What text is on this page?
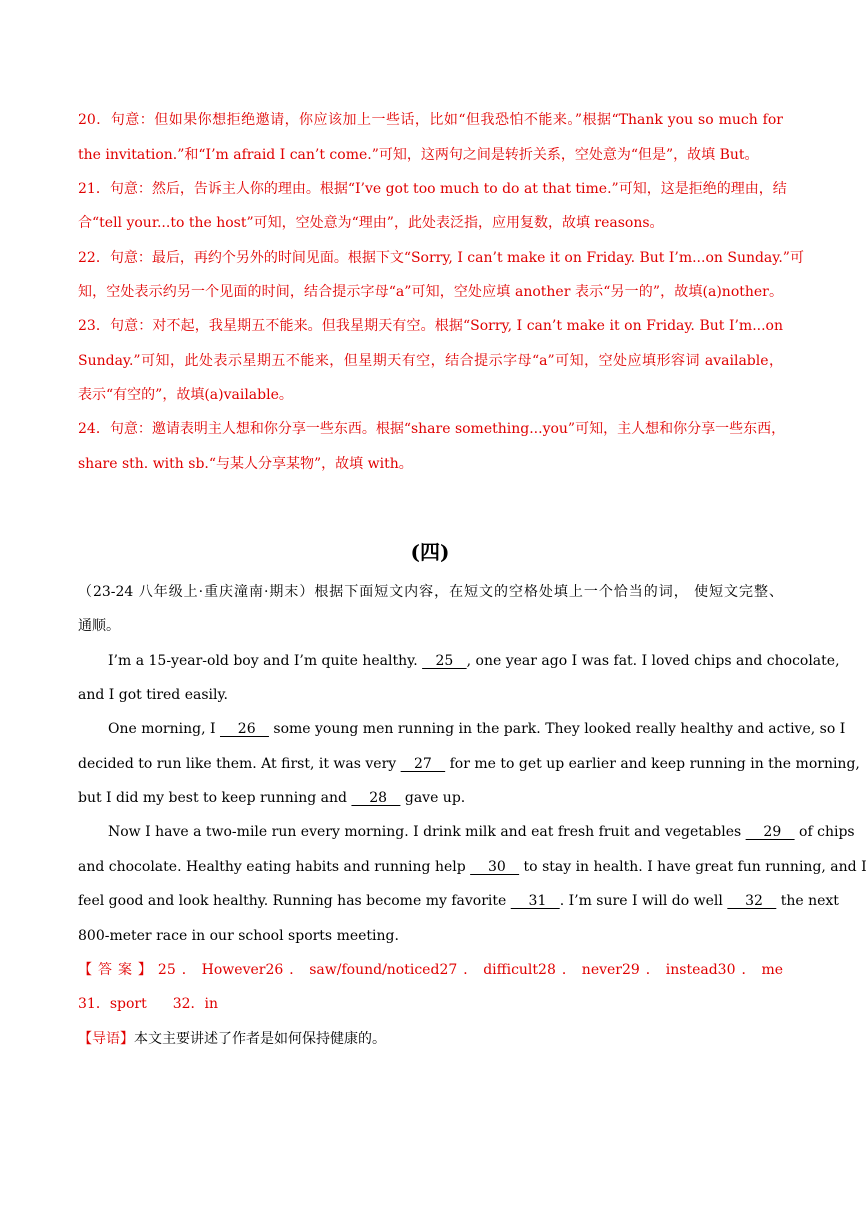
20．句意：但如果你想拒绝邀请，你应该加上一些话，比如“但我恐怕不能来。”根据“Thank you so much for
the invitation.”和“I’m afraid I can’t come.”可知，这两句之间是转折关系，空处意为“但是”，故填 But。
21．句意：然后，告诉主人你的理由。根据“I’ve got too much to do at that time.”可知，这是拒绝的理由，结
合“tell your...to the host”可知，空处意为“理由”，此处表泛指，应用复数，故填 reasons。
22．句意：最后，再约个另外的时间见面。根据下文“Sorry, I can’t make it on Friday. But I’m...on Sunday.”可
知，空处表示约另一个见面的时间，结合提示字母“a”可知，空处应填 another 表示“另一的”，故填(a)nother。
23．句意：对不起，我星期五不能来。但我星期天有空。根据“Sorry, I can’t make it on Friday. But I’m...on
Sunday.”可知，此处表示星期五不能来，但星期天有空，结合提示字母“a”可知，空处应填形容词 available，
表示“有空的”，故填(a)vailable。
24．句意：邀请表明主人想和你分享一些东西。根据“share something...you”可知，主人想和你分享一些东西，
share sth. with sb.“与某人分享某物”，故填 with。
(四)
（23-24 八年级上·重庆潼南·期末）根据下面短文内容，在短文的空格处填上一个恰当的词， 使短文完整、
通顺。
I’m a 15-year-old boy and I’m quite healthy.    25   , one year ago I was fat. I loved chips and chocolate,
and I got tired easily.
One morning, I     26    some young men running in the park. They looked really healthy and active, so I
decided to run like them. At first, it was very    27    for me to get up earlier and keep running in the morning,
but I did my best to keep running and     28    gave up.
Now I have a two-mile run every morning. I drink milk and eat fresh fruit and vegetables     29    of chips
and chocolate. Healthy eating habits and running help     30    to stay in health. I have great fun running, and I
feel good and look healthy. Running has become my favorite     31   . I’m sure I will do well     32    the next
800-meter race in our school sports meeting.
【答案】25．However26．saw/found/noticed27．difficult28．never29．instead30．me
31．sport 32．in
【导语】本文主要讲述了作者是如何保持健康的。
